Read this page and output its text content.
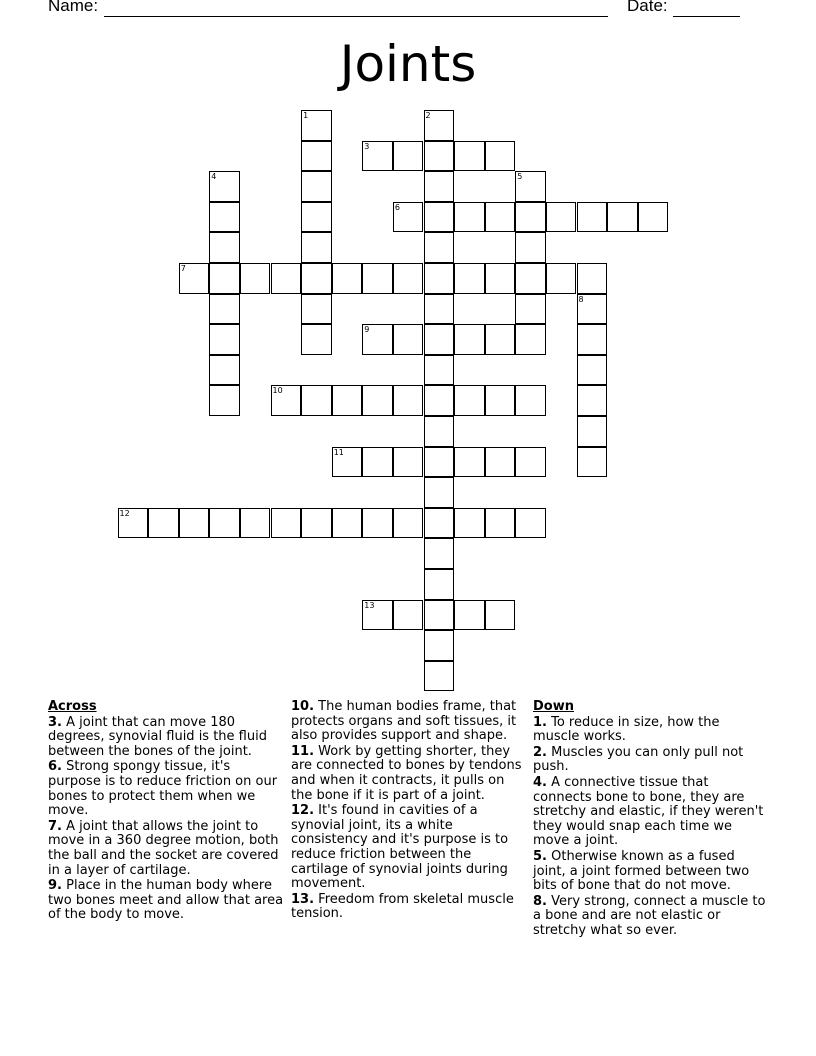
Name:	Date:
Joints
1	2
3
4	5
6
7
8
9
10
11
12
13
Across
3. A joint that can move 180 degrees, synovial fluid is the fluid between the bones of the joint.
6. Strong spongy tissue, it's purpose is to reduce friction on our bones to protect them when we move.
7. A joint that allows the joint to move in a 360 degree motion, both the ball and the socket are covered in a layer of cartilage.
9. Place in the human body where two bones meet and allow that area of the body to move.
10. The human bodies frame, that protects organs and soft tissues, it also provides support and shape.
11. Work by getting shorter, they are connected to bones by tendons and when it contracts, it pulls on the bone if it is part of a joint.
12. It's found in cavities of a synovial joint, its a white consistency and it's purpose is to reduce friction between the cartilage of synovial joints during movement.
13. Freedom from skeletal muscle tension.
Down
1. To reduce in size, how the muscle works.
2. Muscles you can only pull not push.
4. A connective tissue that connects bone to bone, they are stretchy and elastic, if they weren't they would snap each time we move a joint.
5. Otherwise known as a fused joint, a joint formed between two bits of bone that do not move.
8. Very strong, connect a muscle to a bone and are not elastic or stretchy what so ever.
